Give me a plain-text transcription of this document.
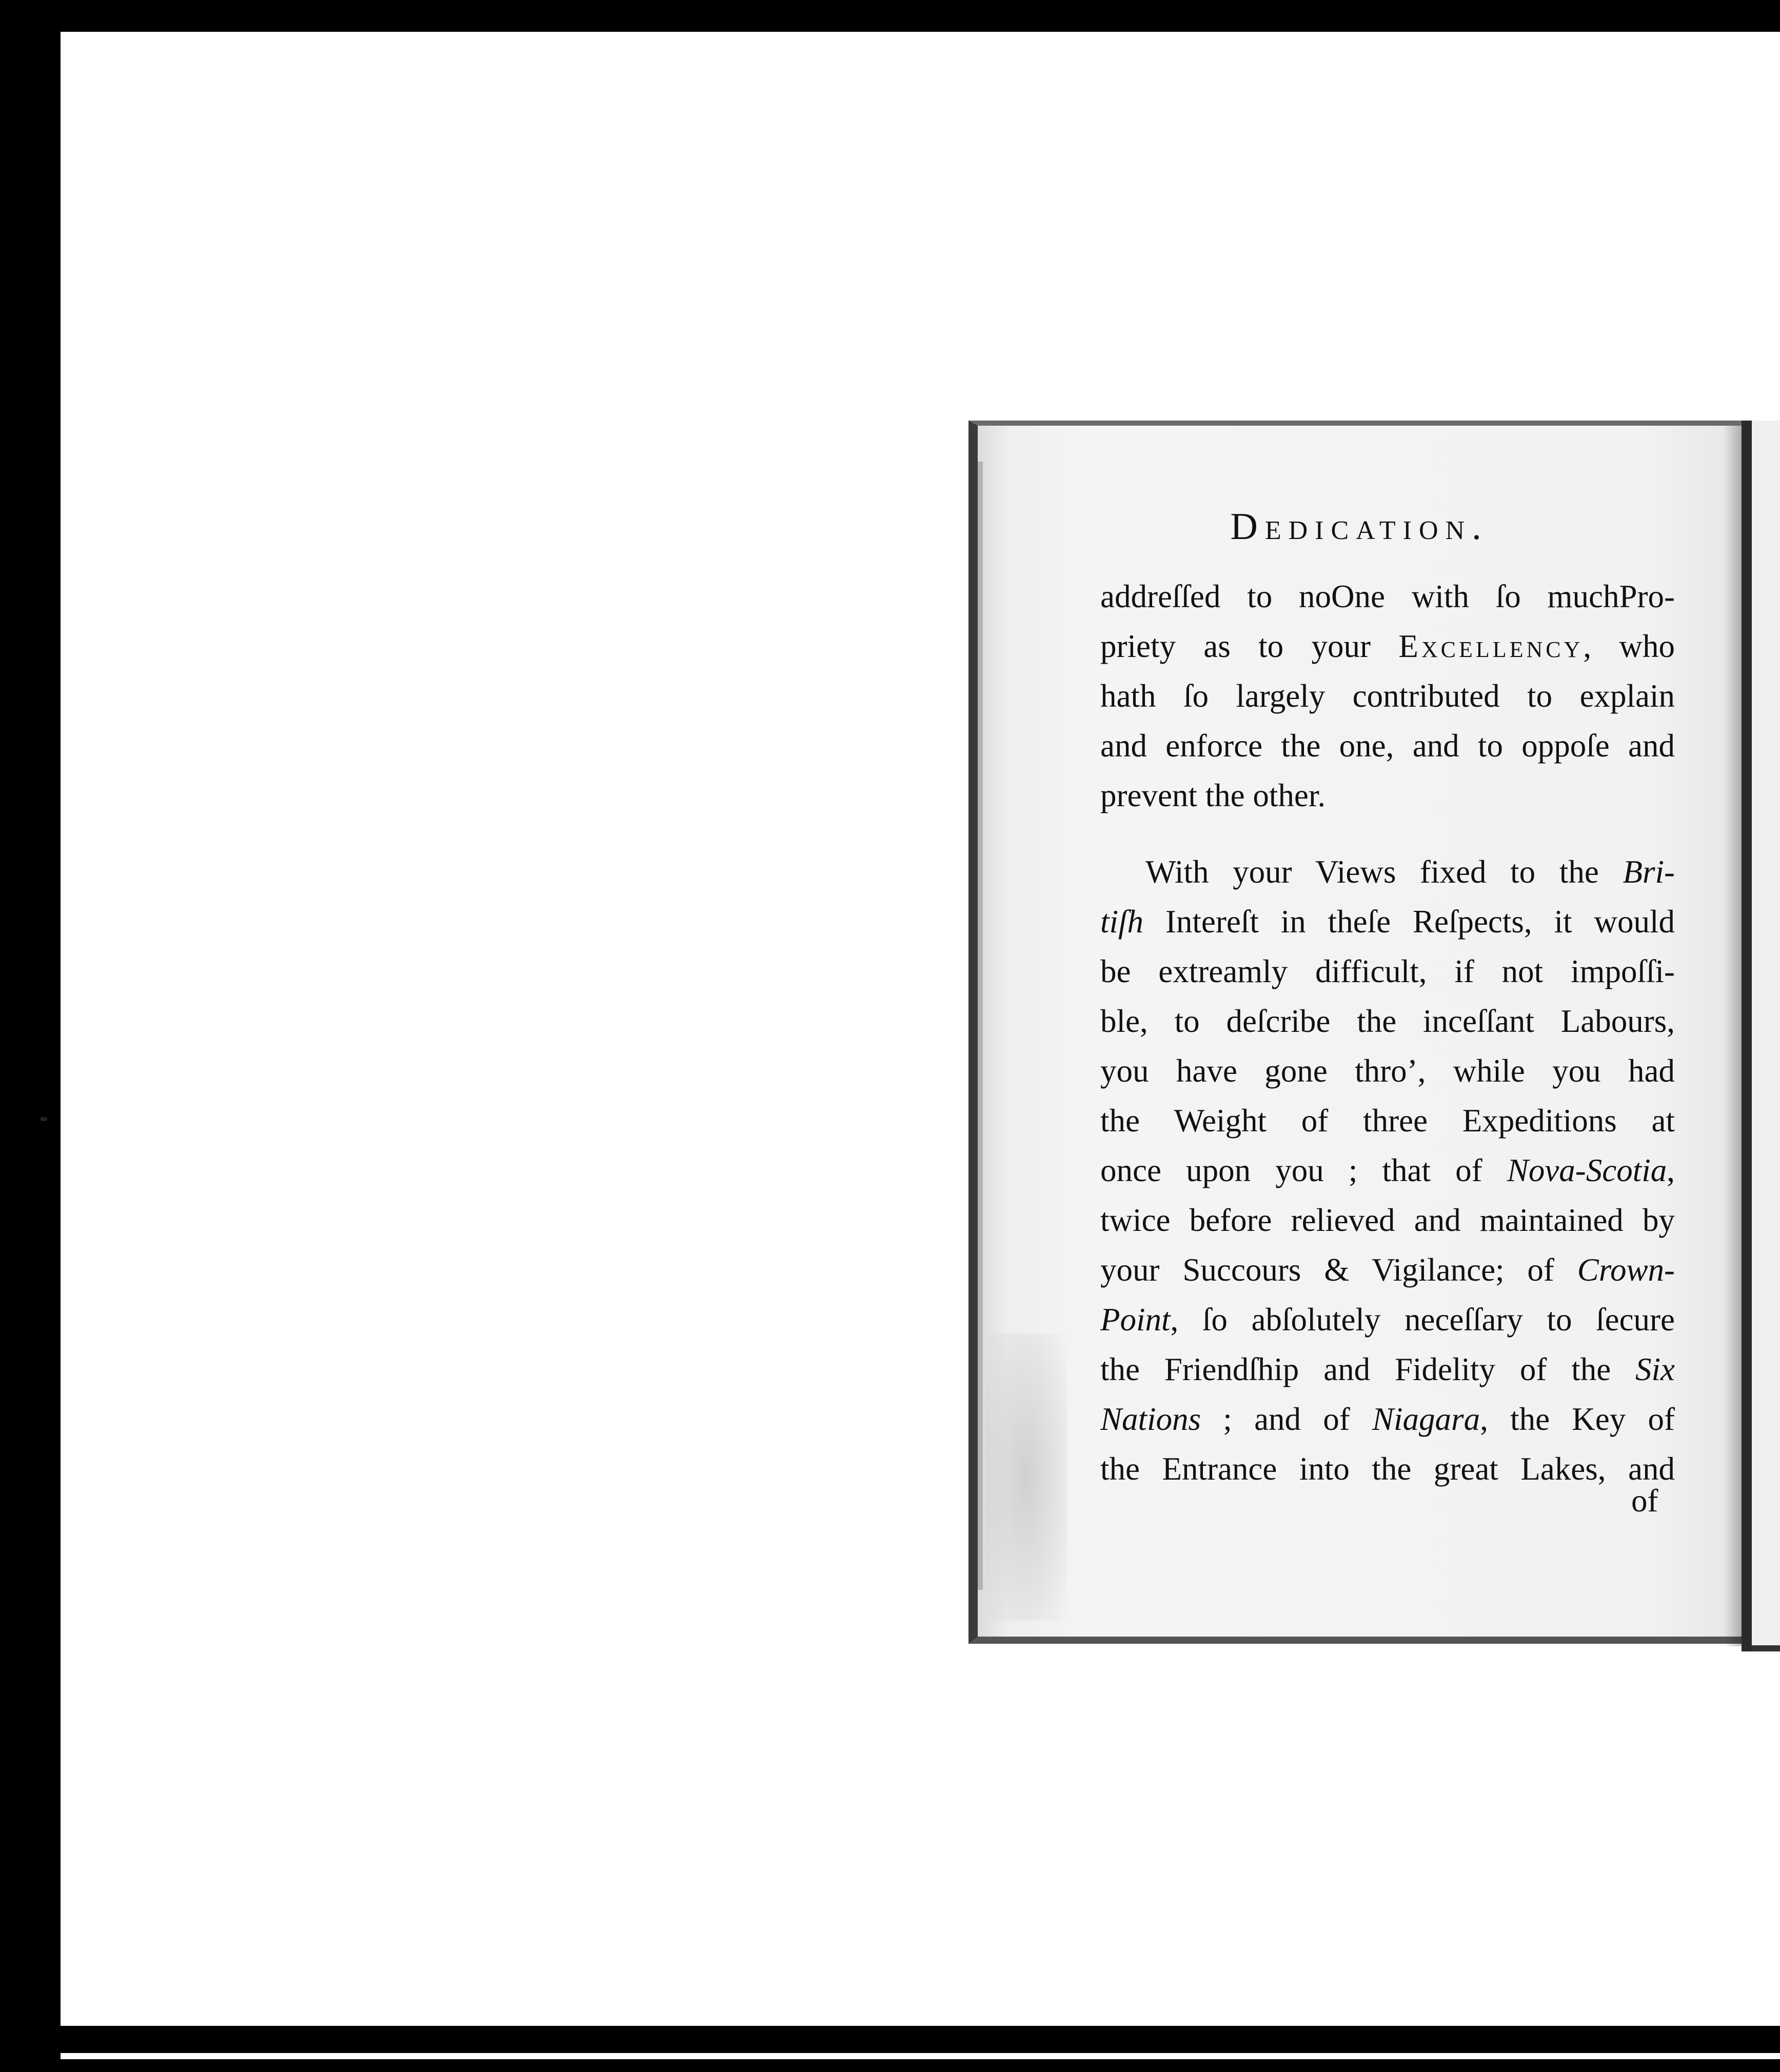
Dedication.
addreſſed to noOne with ſo muchPro-
priety as to your Excellency, who
hath ſo largely contributed to explain
and enforce the one, and to oppoſe and
prevent the other.
With your Views fixed to the Bri-
tiſh Intereſt in theſe Reſpects, it would
be extreamly difficult, if not impoſſi-
ble, to deſcribe the inceſſant Labours,
you have gone thro’, while you had
the Weight of three Expeditions at
once upon you ; that of Nova-Scotia,
twice before relieved and maintained by
your Succours & Vigilance; of Crown-
Point, ſo abſolutely neceſſary to ſecure
the Friendſhip and Fidelity of the Six
Nations ; and of Niagara, the Key of
the Entrance into the great Lakes, and
of
